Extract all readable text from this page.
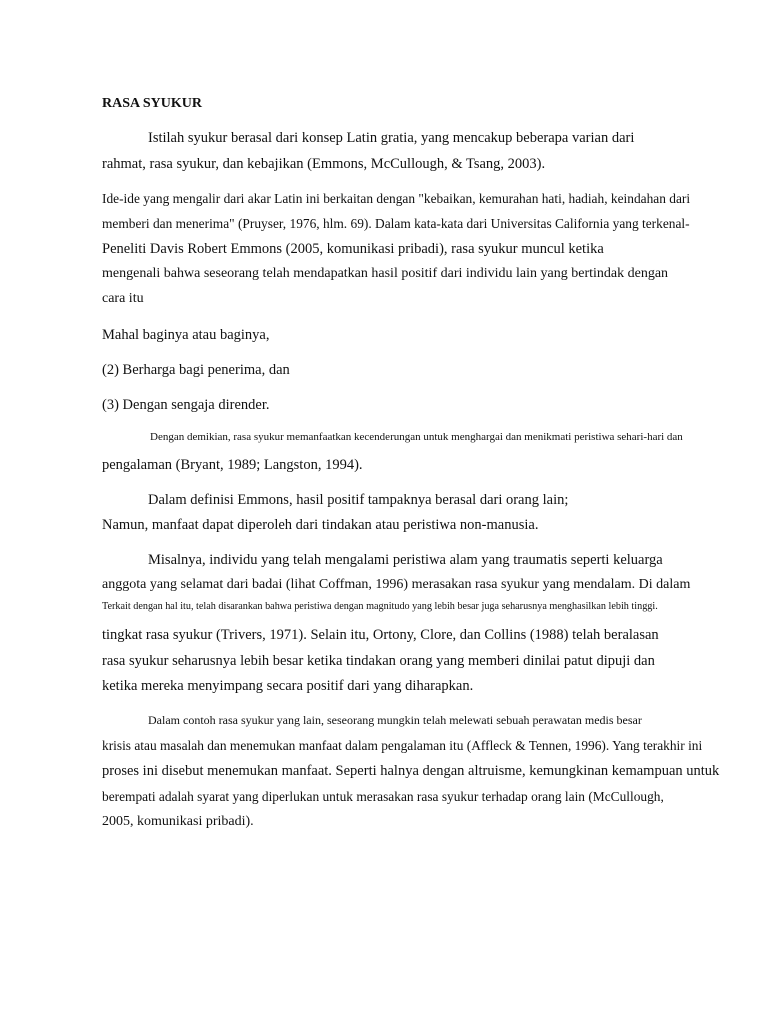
RASA SYUKUR
Istilah syukur berasal dari konsep Latin gratia, yang mencakup beberapa varian dari
rahmat, rasa syukur, dan kebajikan (Emmons, McCullough, & Tsang, 2003).
Ide-ide yang mengalir dari akar Latin ini berkaitan dengan "kebaikan, kemurahan hati, hadiah, keindahan dari
memberi dan menerima" (Pruyser, 1976, hlm. 69). Dalam kata-kata dari Universitas California yang terkenal-
Peneliti Davis Robert Emmons (2005, komunikasi pribadi), rasa syukur muncul ketika
mengenali bahwa seseorang telah mendapatkan hasil positif dari individu lain yang bertindak dengan
cara itu
Mahal baginya atau baginya,
(2) Berharga bagi penerima, dan
(3) Dengan sengaja dirender.
Dengan demikian, rasa syukur memanfaatkan kecenderungan untuk menghargai dan menikmati peristiwa sehari-hari dan
pengalaman (Bryant, 1989; Langston, 1994).
Dalam definisi Emmons, hasil positif tampaknya berasal dari orang lain;
Namun, manfaat dapat diperoleh dari tindakan atau peristiwa non-manusia.
Misalnya, individu yang telah mengalami peristiwa alam yang traumatis seperti keluarga
anggota yang selamat dari badai (lihat Coffman, 1996) merasakan rasa syukur yang mendalam. Di dalam
Terkait dengan hal itu, telah disarankan bahwa peristiwa dengan magnitudo yang lebih besar juga seharusnya menghasilkan lebih tinggi.
tingkat rasa syukur (Trivers, 1971). Selain itu, Ortony, Clore, dan Collins (1988) telah beralasan
rasa syukur seharusnya lebih besar ketika tindakan orang yang memberi dinilai patut dipuji dan
ketika mereka menyimpang secara positif dari yang diharapkan.
Dalam contoh rasa syukur yang lain, seseorang mungkin telah melewati sebuah perawatan medis besar
krisis atau masalah dan menemukan manfaat dalam pengalaman itu (Affleck & Tennen, 1996). Yang terakhir ini
proses ini disebut menemukan manfaat. Seperti halnya dengan altruisme, kemungkinan kemampuan untuk
berempati adalah syarat yang diperlukan untuk merasakan rasa syukur terhadap orang lain (McCullough,
2005, komunikasi pribadi).
